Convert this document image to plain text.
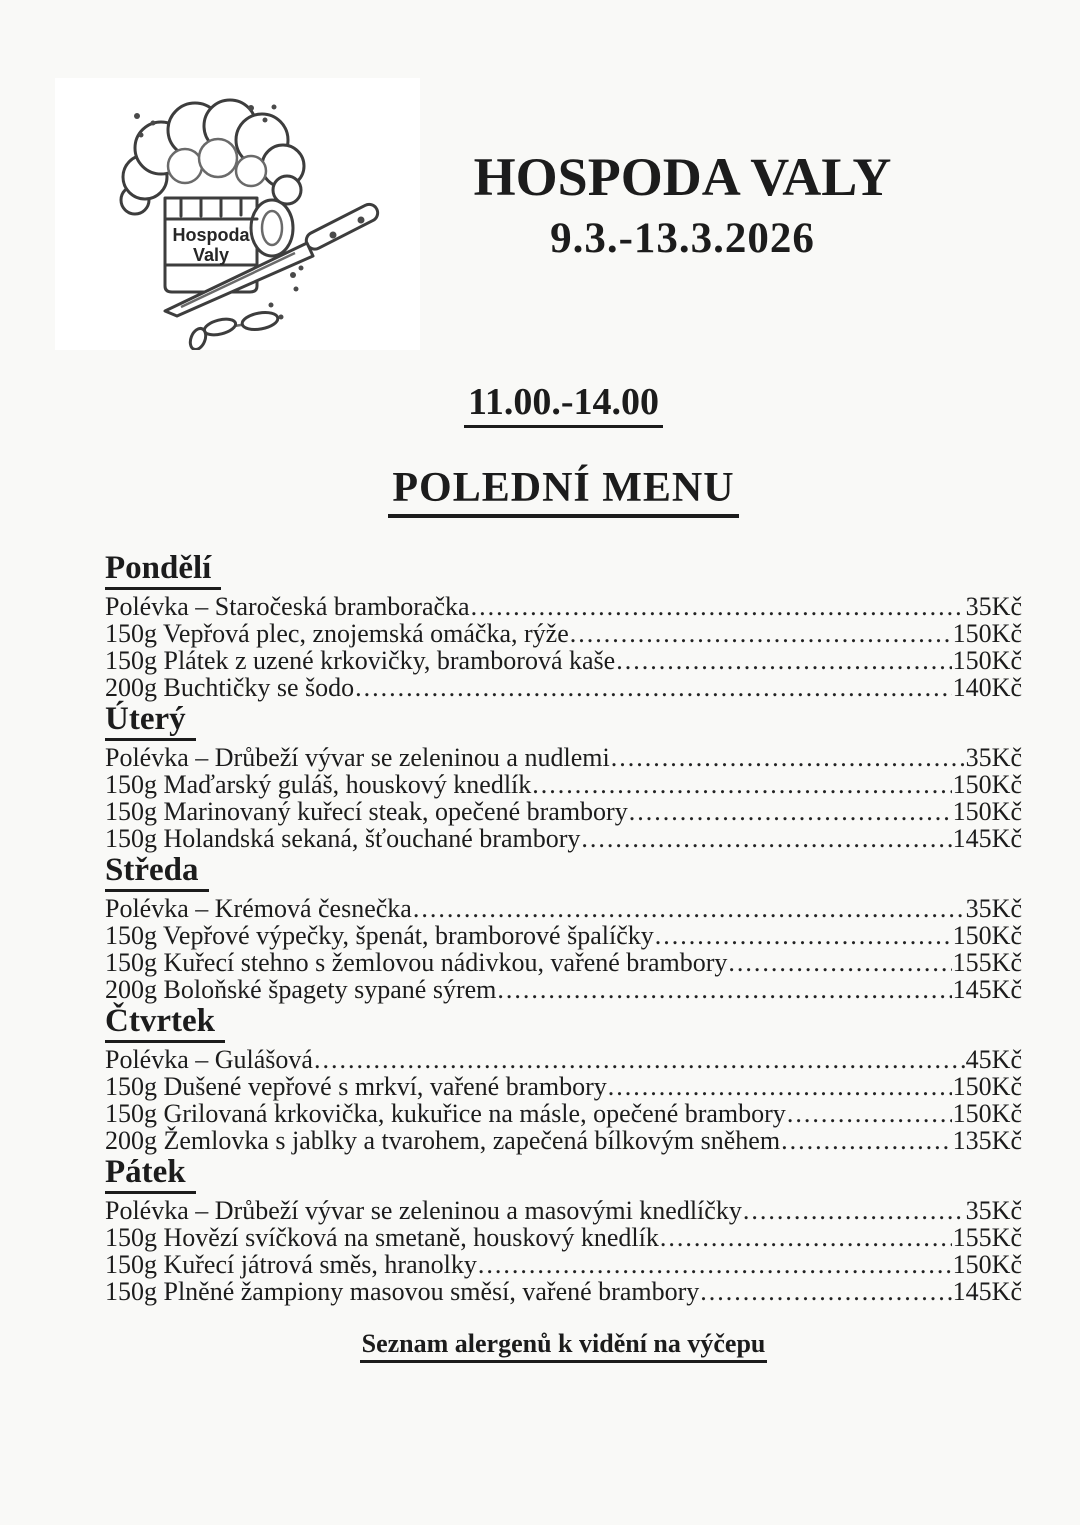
Hospoda
Valy
HOSPODA VALY
9.3.-13.3.2026
11.00.-14.00
POLEDNÍ MENU
Pondělí
Polévka – Staročeská bramboračka .....	35Kč
150g Vepřová plec, znojemská omáčka, rýže .....	150Kč
150g Plátek z uzené krkovičky, bramborová kaše .....	150Kč
200g Buchtičky se šodo .....	140Kč
Úterý
Polévka – Drůbeží vývar se zeleninou a nudlemi .....	35Kč
150g Maďarský guláš, houskový knedlík .....	150Kč
150g Marinovaný kuřecí steak, opečené brambory .....	150Kč
150g Holandská sekaná, šťouchané brambory .....	145Kč
Středa
Polévka – Krémová česnečka .....	35Kč
150g Vepřové výpečky, špenát, bramborové špalíčky .....	150Kč
150g Kuřecí stehno s žemlovou nádivkou, vařené brambory .....	155Kč
200g Boloňské špagety sypané sýrem .....	145Kč
Čtvrtek
Polévka – Gulášová .....	45Kč
150g Dušené vepřové s mrkví, vařené brambory .....	150Kč
150g Grilovaná krkovička, kukuřice na másle, opečené brambory .....	150Kč
200g Žemlovka s jablky a tvarohem, zapečená bílkovým sněhem .....	135Kč
Pátek
Polévka – Drůbeží vývar se zeleninou a masovými knedlíčky .....	35Kč
150g Hovězí svíčková na smetaně, houskový knedlík .....	155Kč
150g Kuřecí játrová směs, hranolky .....	150Kč
150g Plněné žampiony masovou směsí, vařené brambory .....	145Kč
Seznam alergenů k vidění na výčepu
